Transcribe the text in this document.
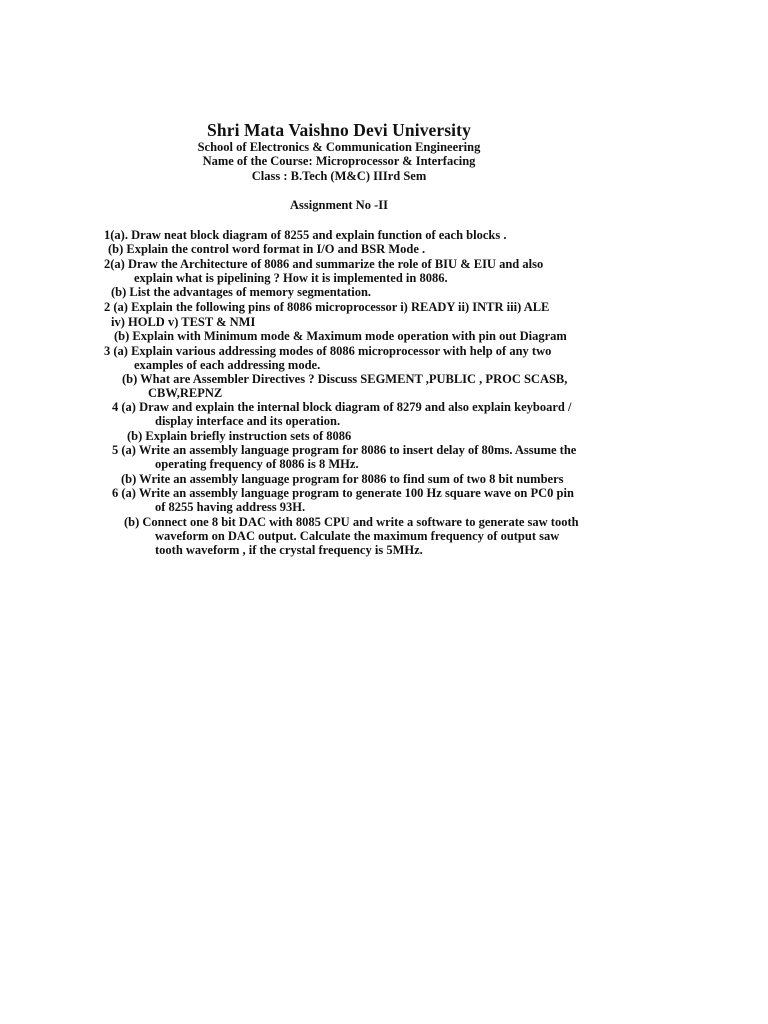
Shri Mata Vaishno Devi University
School of Electronics & Communication Engineering
Name of the Course: Microprocessor & Interfacing
Class : B.Tech (M&C) IIIrd Sem
Assignment No -II
1(a). Draw neat block diagram of 8255 and explain function of each blocks .
(b) Explain the control word format in I/O and BSR Mode .
2(a) Draw the Architecture of 8086 and summarize the role of BIU & EIU and also
explain what is pipelining ? How it is implemented in 8086.
(b) List the advantages of memory segmentation.
2 (a) Explain the following pins of 8086 microprocessor i) READY ii) INTR iii) ALE
iv) HOLD v) TEST & NMI
(b) Explain with Minimum mode & Maximum mode operation with pin out Diagram
3 (a) Explain various addressing modes of 8086 microprocessor with help of any two
examples of each addressing mode.
(b) What are Assembler Directives ? Discuss SEGMENT ,PUBLIC , PROC SCASB,
CBW,REPNZ
4 (a) Draw and explain the internal block diagram of 8279 and also explain keyboard /
display interface and its operation.
(b) Explain briefly instruction sets of 8086
5 (a) Write an assembly language program for 8086 to insert delay of 80ms. Assume the
operating frequency of 8086 is 8 MHz.
(b) Write an assembly language program for 8086 to find sum of two 8 bit numbers
6 (a) Write an assembly language program to generate 100 Hz square wave on PC0 pin
of 8255 having address 93H.
(b) Connect one 8 bit DAC with 8085 CPU and write a software to generate saw tooth
waveform on DAC output. Calculate the maximum frequency of output saw
tooth waveform , if the crystal frequency is 5MHz.
